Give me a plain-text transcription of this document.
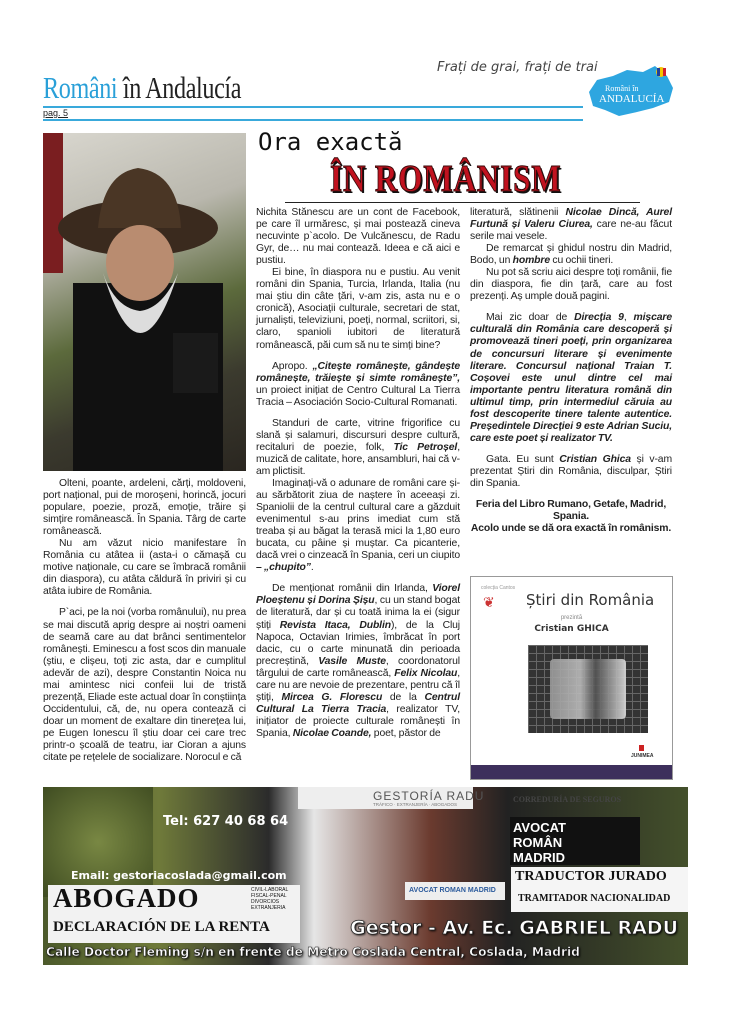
Români în Andalucía
Frați de grai, frați de trai
Români în
ANDALUCÍA
pag. 5
Ora exactă
ÎN ROMÂNISM

Olteni, poante, ardeleni, cărți, moldoveni, port național, pui de moroșeni, horincă, jocuri populare, poezie, proză, emoție, trăire și simțire românească. În Spania. Târg de carte românească.

Nu am văzut nicio manifestare în România cu atâtea ii (asta-i o cămașă cu motive naționale, cu care se îmbracă românii din diaspora), cu atâta căldură în priviri și cu atâta iubire de România.

P`aci, pe la noi (vorba românului), nu prea se mai discută aprig despre ai noștri oameni de seamă care au dat brânci sentimentelor românești. Eminescu a fost scos din manuale (știu, e clișeu, toți zic asta, dar e cumplitul adevăr de azi), despre Constantin Noica nu mai amintesc nici confeii lui de tristă prezență, Eliade este actual doar în conștiința Occidentului, că, de, nu opera contează ci doar un moment de exaltare din tinerețea lui, pe Eugen Ionescu îl știu doar cei care trec printr-o școală de teatru, iar Cioran a ajuns citate pe rețelele de socializare. Norocul e că

Nichita Stănescu are un cont de Facebook, pe care îl urmăresc, și mai postează cineva necuvinte p`acolo. De Vulcănescu, de Radu Gyr, de… nu mai contează. Ideea e că aici e pustiu.

Ei bine, în diaspora nu e pustiu. Au venit români din Spania, Turcia, Irlanda, Italia (nu mai știu din câte țări, v-am zis, asta nu e o cronică), Asociații culturale, secretari de stat, jurnaliști, televiziuni, poeți, normal, scriitori, si, claro, spanioli iubitori de literatură românească, păi cum să nu te simți bine?

Apropo. „Citește românește, gândește românește, trăiește și simte românește”, un proiect inițiat de Centro Cultural La Tierra Tracia – Asociación Socio-Cultural Romanati.

Standuri de carte, vitrine frigorifice cu slană și salamuri, discursuri despre cultură, recitaluri de poezie, folk, Tic Petroșel, muzică de calitate, hore, ansambluri, hai că v-am plictisit.

Imaginați-vă o adunare de români care și-au sărbătorit ziua de naștere în aceeași zi. Spaniolii de la centrul cultural care a găzduit evenimentul s-au prins imediat cum stă treaba și au băgat la terasă mici la 1,80 euro bucata, cu pâine și muștar. Ca picanterie, dacă vrei o cinzeacă în Spania, ceri un ciupito – „chupito”.

De menționat românii din Irlanda, Viorel Ploeștenu și Dorina Șișu, cu un stand bogat de literatură, dar și cu toată inima la ei (sigur știți Revista Itaca, Dublin), de la Cluj Napoca, Octavian Irimies, îmbrăcat în port dacic, cu o carte minunată din perioada precreștină, Vasile Muste, coordonatorul târgului de carte românească, Felix Nicolau, care nu are nevoie de prezentare, pentru că îl știți, Mircea G. Florescu de la Centrul Cultural La Tierra Tracia, realizator TV, inițiator de proiecte culturale românești în Spania, Nicolae Coande, poet, păstor de

literatură, slătinenii Nicolae Dincă, Aurel Furtună și Valeru Ciurea, care ne-au făcut serile mai vesele.

De remarcat și ghidul nostru din Madrid, Bodo, un hombre cu ochii tineri.

Nu pot să scriu aici despre toți românii, fie din diaspora, fie din țară, care au fost prezenți. Aș umple două pagini.

Mai zic doar de Direcția 9, mișcare culturală din România care descoperă și promovează tineri poeți, prin organizarea de concursuri literare și evenimente literare. Concursul național Traian T. Coșovei este unul dintre cel mai importante pentru literatura română din ultimul timp, prin intermediul căruia au fost descoperite tinere talente autentice. Președintele Direcției 9 este Adrian Suciu, care este poet și realizator TV.

Gata. Eu sunt Cristian Ghica și v-am prezentat Știri din România, disculpar, Știri din Spania.

Feria del Libro Rumano, Getafe, Madrid, Spania.

Acolo unde se dă ora exactă în românism.

colecția Cantos
❦ Știri din România
prezintă
Cristian GHICA
JUNIMEA
Tel: 627 40 68 64
Email: gestoriacoslada@gmail.com
ABOGADO	CIVIL-LABORAL FISCAL-PENAL DIVORCIOS EXTRANJERIA
DECLARACIÓN DE LA RENTA
GESTORÍA RADU
TRÁFICO · EXTRANJERÍA · ABOGADOS
CORREDURÍA DE SEGUROS
AVOCAT
ROMÂN
MADRID
TRADUCTOR JURADO
TRAMITADOR NACIONALIDAD
AVOCAT ROMAN MADRID
Gestor - Av. Ec. GABRIEL RADU
Calle Doctor Fleming s/n en frente de Metro Coslada Central, Coslada, Madrid
